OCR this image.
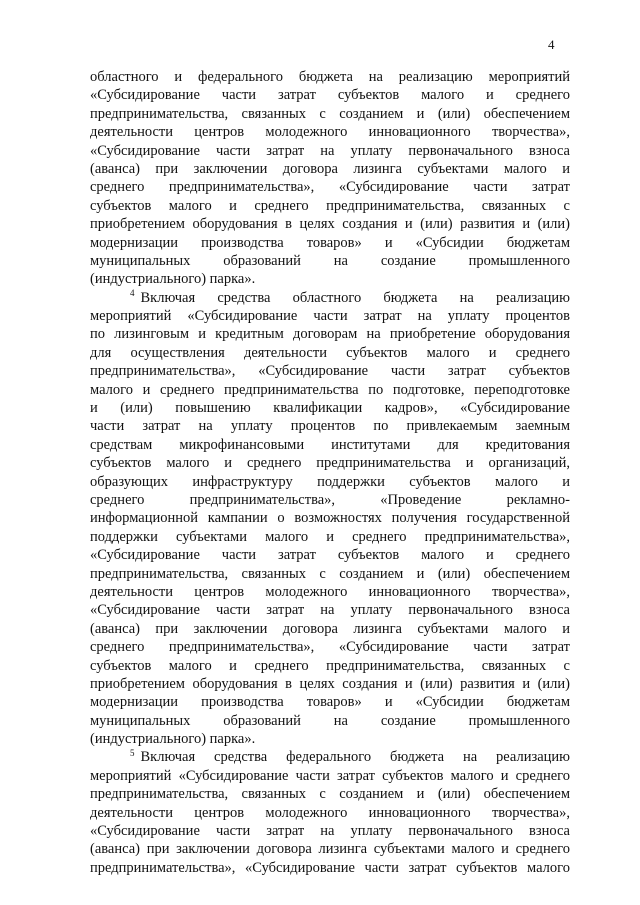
4
областного и федерального бюджета на реализацию мероприятий
«Субсидирование части затрат субъектов малого и среднего
предпринимательства, связанных с созданием и (или) обеспечением
деятельности центров молодежного инновационного творчества»,
«Субсидирование части затрат на уплату первоначального взноса
(аванса) при заключении договора лизинга субъектами малого и
среднего предпринимательства», «Субсидирование части затрат
субъектов малого и среднего предпринимательства, связанных с
приобретением оборудования в целях создания и (или) развития и (или)
модернизации производства товаров» и «Субсидии бюджетам
муниципальных образований на создание промышленного
(индустриального) парка».
$^4$ Включая средства областного бюджета на реализацию
мероприятий «Субсидирование части затрат на уплату процентов
по лизинговым и кредитным договорам на приобретение оборудования
для осуществления деятельности субъектов малого и среднего
предпринимательства», «Субсидирование части затрат субъектов
малого и среднего предпринимательства по подготовке, переподготовке
и (или) повышению квалификации кадров», «Субсидирование
части затрат на уплату процентов по привлекаемым заемным
средствам микрофинансовыми институтами для кредитования
субъектов малого и среднего предпринимательства и организаций,
образующих инфраструктуру поддержки субъектов малого и
среднего предпринимательства», «Проведение рекламно-
информационной кампании о возможностях получения государственной
поддержки субъектами малого и среднего предпринимательства»,
«Субсидирование части затрат субъектов малого и среднего
предпринимательства, связанных с созданием и (или) обеспечением
деятельности центров молодежного инновационного творчества»,
«Субсидирование части затрат на уплату первоначального взноса
(аванса) при заключении договора лизинга субъектами малого и
среднего предпринимательства», «Субсидирование части затрат
субъектов малого и среднего предпринимательства, связанных с
приобретением оборудования в целях создания и (или) развития и (или)
модернизации производства товаров» и «Субсидии бюджетам
муниципальных образований на создание промышленного
(индустриального) парка».
$^5$ Включая средства федерального бюджета на реализацию
мероприятий «Субсидирование части затрат субъектов малого и среднего
предпринимательства, связанных с созданием и (или) обеспечением
деятельности центров молодежного инновационного творчества»,
«Субсидирование части затрат на уплату первоначального взноса
(аванса) при заключении договора лизинга субъектами малого и среднего
предпринимательства», «Субсидирование части затрат субъектов малого
